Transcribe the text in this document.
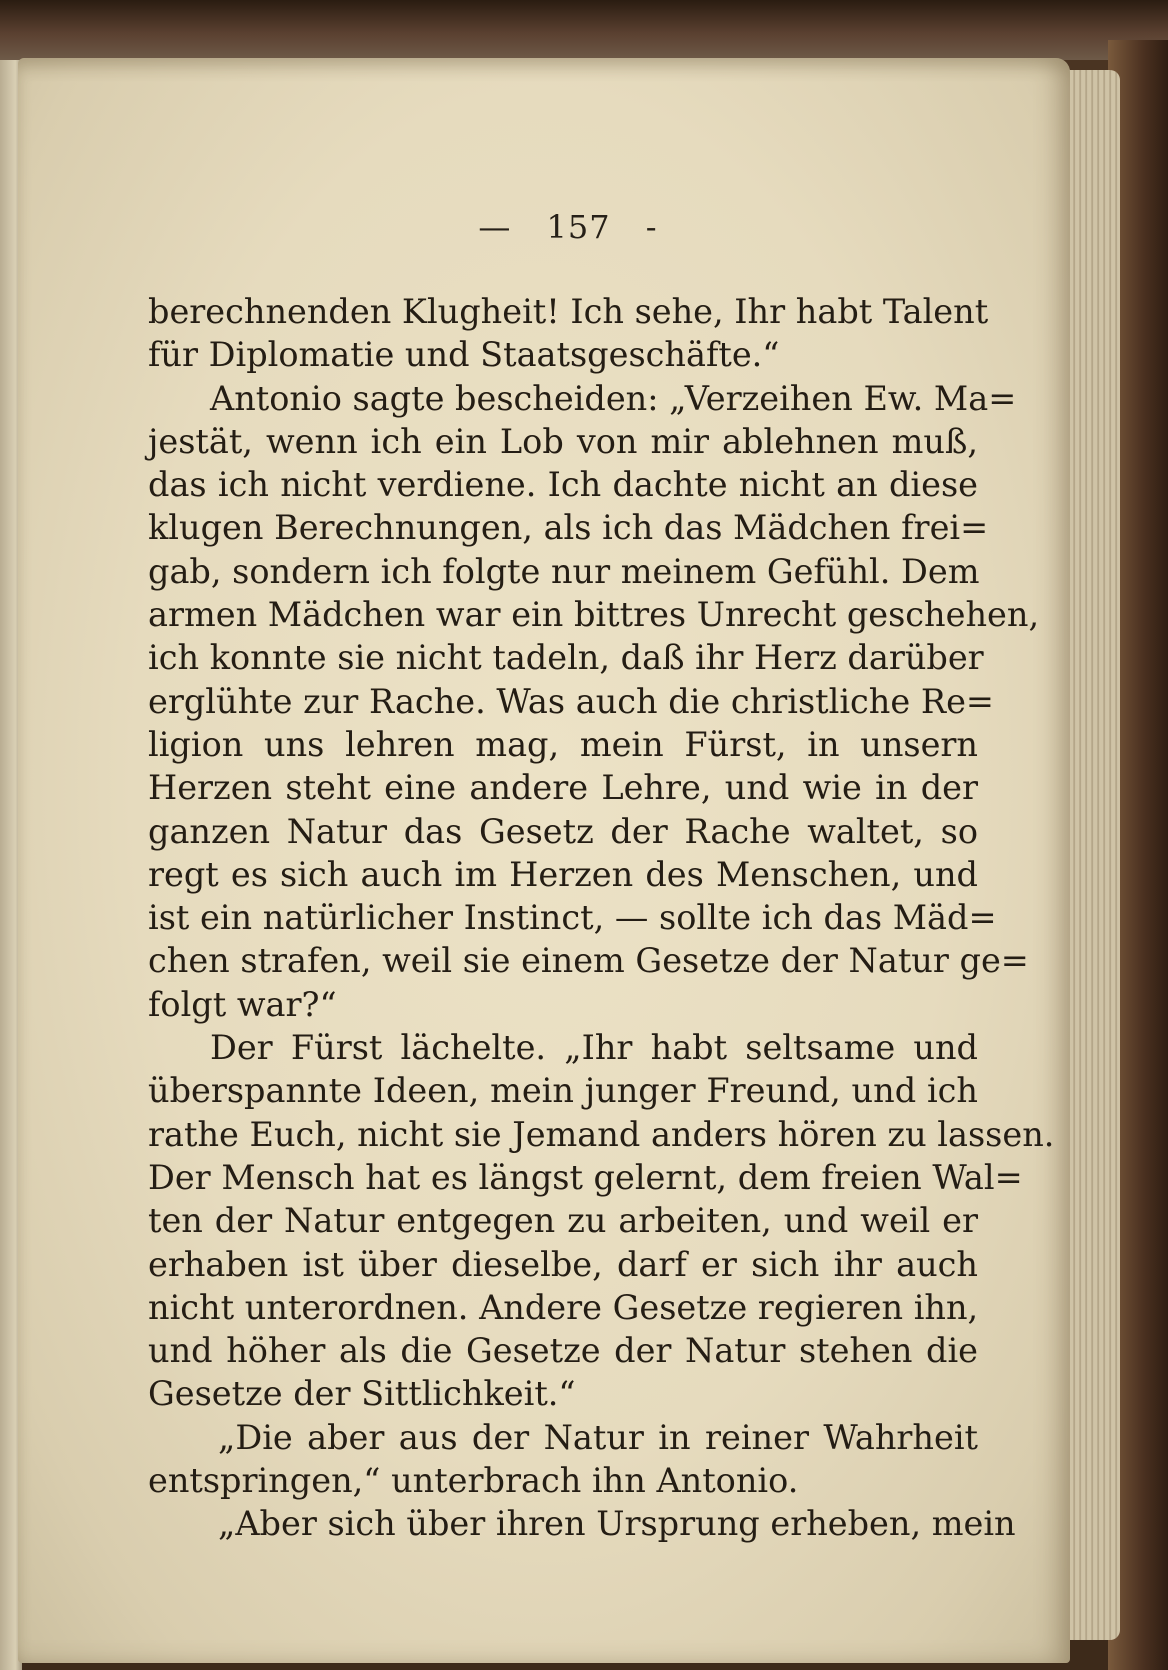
— 157 -
berechnenden Klugheit! Ich sehe, Ihr habt Talent
für Diplomatie und Staatsgeschäfte.“
Antonio sagte bescheiden: „Verzeihen Ew. Ma=
jestät, wenn ich ein Lob von mir ablehnen muß,
das ich nicht verdiene. Ich dachte nicht an diese
klugen Berechnungen, als ich das Mädchen frei=
gab, sondern ich folgte nur meinem Gefühl. Dem
armen Mädchen war ein bittres Unrecht geschehen,
ich konnte sie nicht tadeln, daß ihr Herz darüber
erglühte zur Rache. Was auch die christliche Re=
ligion uns lehren mag, mein Fürst, in unsern
Herzen steht eine andere Lehre, und wie in der
ganzen Natur das Gesetz der Rache waltet, so
regt es sich auch im Herzen des Menschen, und
ist ein natürlicher Instinct, — sollte ich das Mäd=
chen strafen, weil sie einem Gesetze der Natur ge=
folgt war?“
Der Fürst lächelte. „Ihr habt seltsame und
überspannte Ideen, mein junger Freund, und ich
rathe Euch, nicht sie Jemand anders hören zu lassen.
Der Mensch hat es längst gelernt, dem freien Wal=
ten der Natur entgegen zu arbeiten, und weil er
erhaben ist über dieselbe, darf er sich ihr auch
nicht unterordnen. Andere Gesetze regieren ihn,
und höher als die Gesetze der Natur stehen die
Gesetze der Sittlichkeit.“
„Die aber aus der Natur in reiner Wahrheit
entspringen,“ unterbrach ihn Antonio.
„Aber sich über ihren Ursprung erheben, mein
